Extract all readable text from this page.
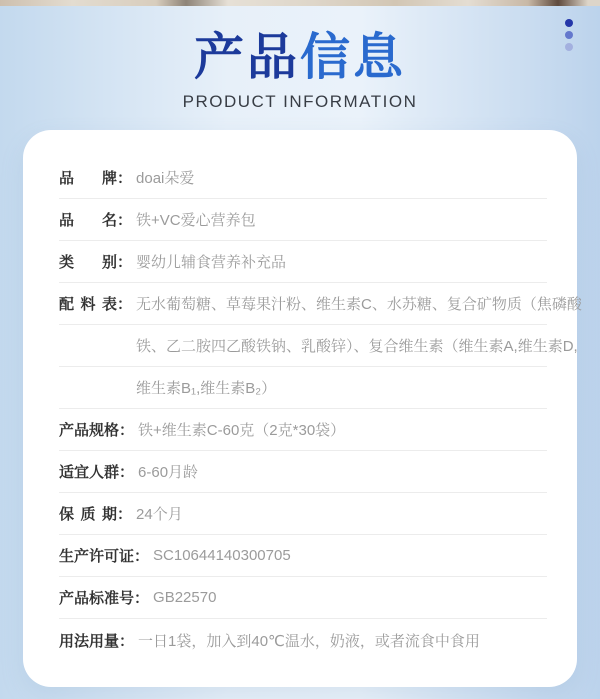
产品信息
PRODUCT INFORMATION
品牌 ： doai朵爱
品名 ： 铁+VC爱心营养包
类别 ： 婴幼儿辅食营养补充品
配料表 ： 无水葡萄糖、草莓果汁粉、维生素C、水苏糖、复合矿物质（焦磷酸
铁、乙二胺四乙酸铁钠、乳酸锌）、复合维生素（维生素A,维生素D,
维生素B₁,维生素B₂）
产品规格 ： 铁+维生素C-60克（2克*30袋）
适宜人群 ： 6-60月龄
保质期 ： 24个月
生产许可证 ： SC10644140300705
产品标准号 ： GB22570
用法用量 ： 一日1袋，加入到40℃温水，奶液，或者流食中食用
